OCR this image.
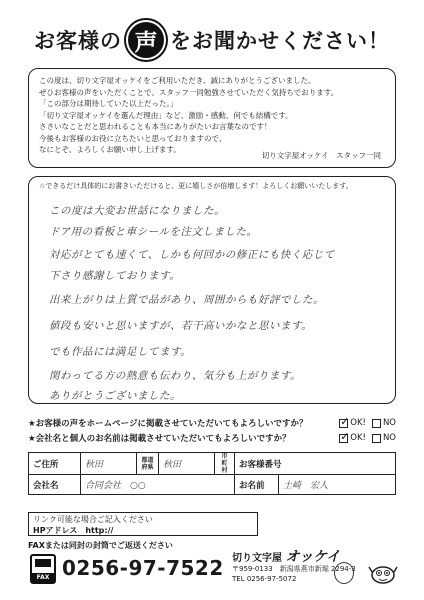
お客様の 声 をお聞かせください！
この度は、切り文字屋オッケイをご利用いただき、誠にありがとうございました。
ぜひお客様の声をいただくことで、スタッフ一同勉強させていただく気持ちでおります。
「この部分は期待していた以上だった。」
「切り文字屋オッケイを選んだ理由」など、激励・感動、何でも結構です。
ささいなことだと思われることも本当にありがたいお言葉なのです！
今後もお客様のお役に立ちたいと思っておりますので、
なにとぞ、よろしくお願い申し上げます。
切り文字屋オッケイ　スタッフ一同
☆できるだけ具体的にお書きいただけると、更に嬉しさが倍増します！よろしくお願いいたします。
この度は大変お世話になりました。
ドア用の看板と車シールを注文しました。
対応がとても速くて、しかも何回かの修正にも快く応じて
下さり感謝しております。
出来上がりは上質で品があり、周囲からも好評でした。
値段も安いと思いますが、若干高いかなと思います。
でも作品には満足してます。
関わってる方の熱意も伝わり、気分も上がります。
ありがとうございました。
★お客様の声をホームページに掲載させていただいてもよろしいですか？ ✓	OK! NO
★会社名と個人のお名前は掲載させていただいてもよろしいですか？ ✓	OK! NO
ご住所	秋田	都道府県	秋田	市町村	お客様番号	
会社名	合同会社　○○				お名前	土崎　宏人
リンク可能な場合ご記入ください
HPアドレス　http://
FAXまたは同封の封筒でご返送ください
FAX 0256-97-7522 切り文字屋 オッケイ
〒959-0133　新潟県燕市新堀 2294-3
TEL 0256-97-5072
